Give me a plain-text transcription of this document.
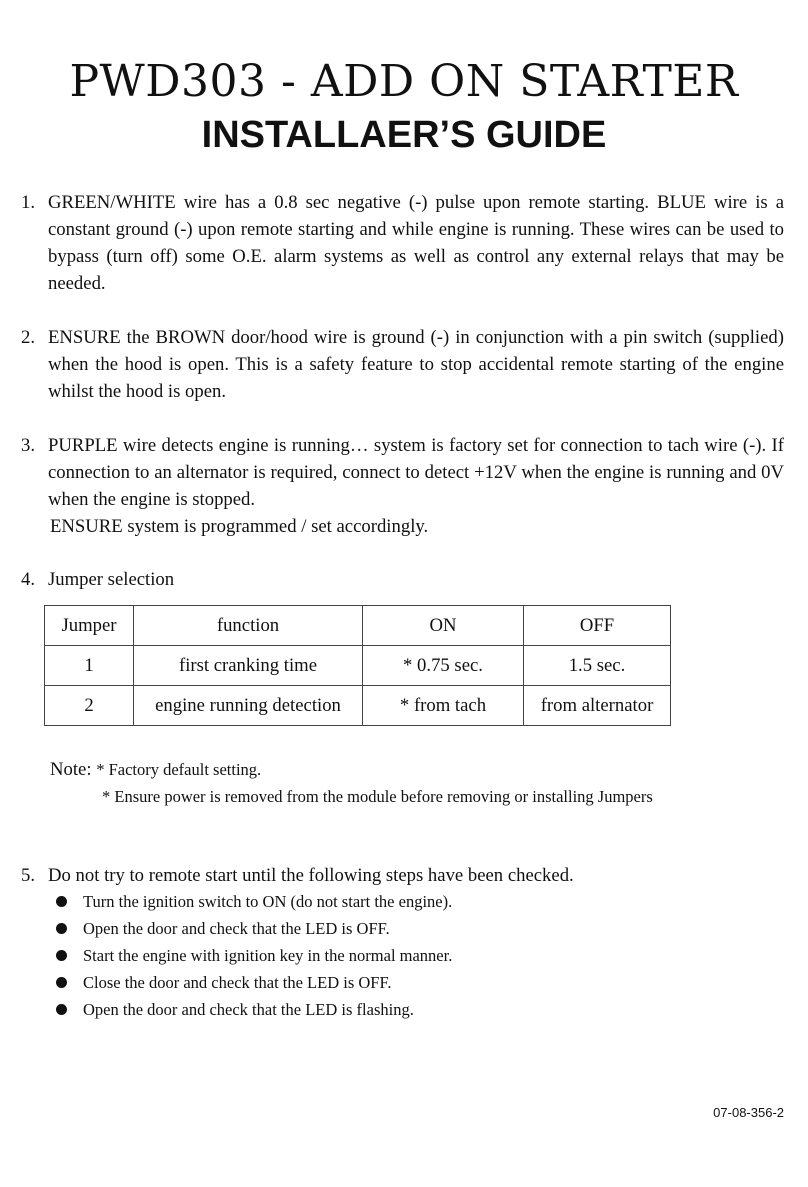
PWD303 - ADD ON STARTER
INSTALLAER’S GUIDE
1. GREEN/WHITE wire has a 0.8 sec negative (-) pulse upon remote starting. BLUE wire is a constant ground (-) upon remote starting and while engine is running. These wires can be used to bypass (turn off) some O.E. alarm systems as well as control any external relays that may be needed.

2. ENSURE the BROWN door/hood wire is ground (-) in conjunction with a pin switch (supplied) when the hood is open. This is a safety feature to stop accidental remote starting of the engine whilst the hood is open.

3. PURPLE wire detects engine is running… system is factory set for connection to tach wire (-). If connection to an alternator is required, connect to detect +12V when the engine is running and 0V when the engine is stopped.

ENSURE system is programmed / set accordingly.

4. Jumper selection

Jumper	function	ON	OFF
1	first cranking time	* 0.75 sec.	1.5 sec.
2	engine running detection	* from tach	from alternator
Note: * Factory default setting.
* Ensure power is removed from the module before removing or installing Jumpers
5. Do not try to remote start until the following steps have been checked.

Turn the ignition switch to ON (do not start the engine).
Open the door and check that the LED is OFF.
Start the engine with ignition key in the normal manner.
Close the door and check that the LED is OFF.
Open the door and check that the LED is flashing.
07-08-356-2
